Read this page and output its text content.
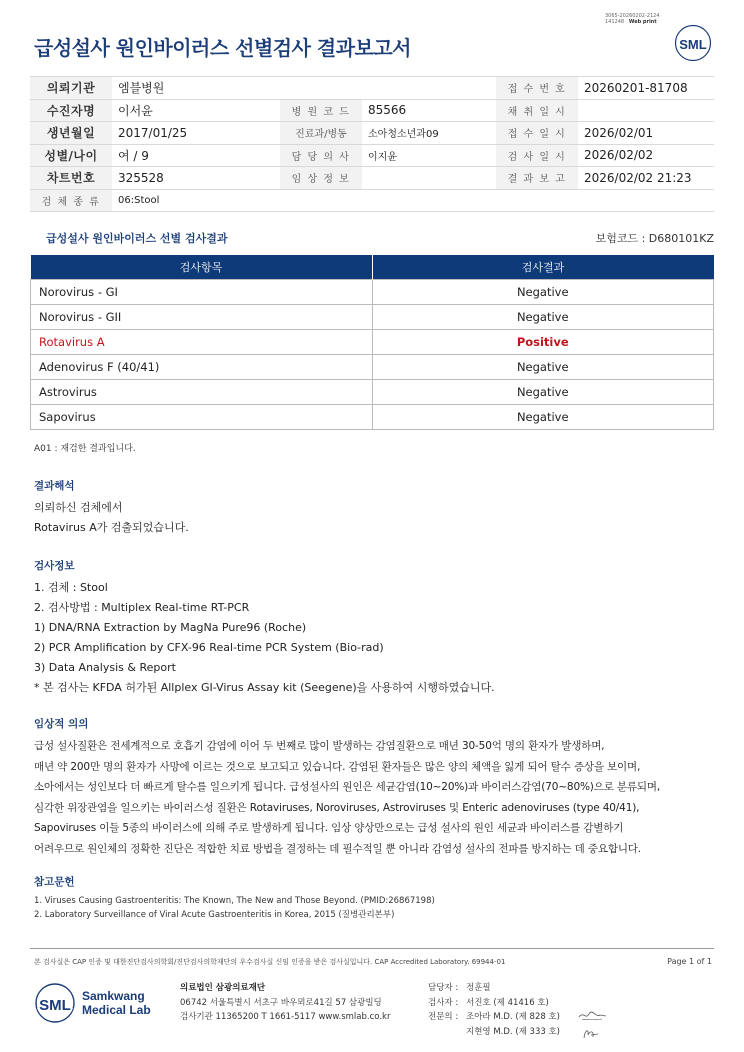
3065-20260202-2124
141248 Web print
급성설사 원인바이러스 선별검사 결과보고서	SML
의뢰기관	엠블병원			접 수 번 호	20260201-81708
수진자명	이서윤	병 원 코 드	85566	채 취 일 시	
생년월일	2017/01/25	진료과/병동	소아청소년과09	접 수 일 시	2026/02/01
성별/나이	여 / 9	담 당 의 사	이지윤	검 사 일 시	2026/02/02
차트번호	325528	임 상 정 보		결 과 보 고	2026/02/02 21:23
검 체 종 류	06:Stool				
급성설사 원인바이러스 선별 검사결과	보험코드 : D680101KZ
검사항목	검사결과
Norovirus - GI	Negative
Norovirus - GII	Negative
Rotavirus A	Positive
Adenovirus F (40/41)	Negative
Astrovirus	Negative
Sapovirus	Negative
A01 : 재검한 결과입니다.
결과해석

의뢰하신 검체에서

Rotavirus A가 검출되었습니다.

검사정보

1. 검체 : Stool

2. 검사방법 : Multiplex Real-time RT-PCR

1) DNA/RNA Extraction by MagNa Pure96 (Roche)

2) PCR Amplification by CFX-96 Real-time PCR System (Bio-rad)

3) Data Analysis & Report

* 본 검사는 KFDA 허가된 Allplex GI-Virus Assay kit (Seegene)을 사용하여 시행하였습니다.

임상적 의의

급성 설사질환은 전세계적으로 호흡기 감염에 이어 두 번째로 많이 발생하는 감염질환으로 매년 30-50억 명의 환자가 발생하며,

매년 약 200만 명의 환자가 사망에 이르는 것으로 보고되고 있습니다. 감염된 환자들은 많은 양의 체액을 잃게 되어 탈수 증상을 보이며,

소아에서는 성인보다 더 빠르게 탈수를 일으키게 됩니다. 급성설사의 원인은 세균감염(10~20%)과 바이러스감염(70~80%)으로 분류되며,

심각한 위장관염을 일으키는 바이러스성 질환은 Rotaviruses, Noroviruses, Astroviruses 및 Enteric adenoviruses (type 40/41),

Sapoviruses 이들 5종의 바이러스에 의해 주로 발생하게 됩니다. 임상 양상만으로는 급성 설사의 원인 세균과 바이러스를 감별하기

어려우므로 원인체의 정확한 진단은 적합한 치료 방법을 결정하는 데 필수적일 뿐 아니라 감염성 설사의 전파를 방지하는 데 중요합니다.

참고문헌

1. Viruses Causing Gastroenteritis: The Known, The New and Those Beyond. (PMID:26867198)

2. Laboratory Surveillance of Viral Acute Gastroenteritis in Korea, 2015 (질병관리본부)

본 검사실은 CAP 인증 및 대한진단검사의학회/진단검사의학재단의 우수검사실 신임 인증을 받은 검사실입니다. CAP Accredited Laboratory. 69944-01	Page 1 of 1
SML
Samkwang
Medical Lab
의료법인 삼광의료재단
06742 서울특별시 서초구 바우뫼로41길 57 삼광빌딩
검사기관 11365200 T 1661-5117 www.smlab.co.kr
담당자 : 정훈필
검사자 : 서진호 (제 41416 호)
전문의 : 조아라 M.D. (제 828 호)
지현영 M.D. (제 333 호)
